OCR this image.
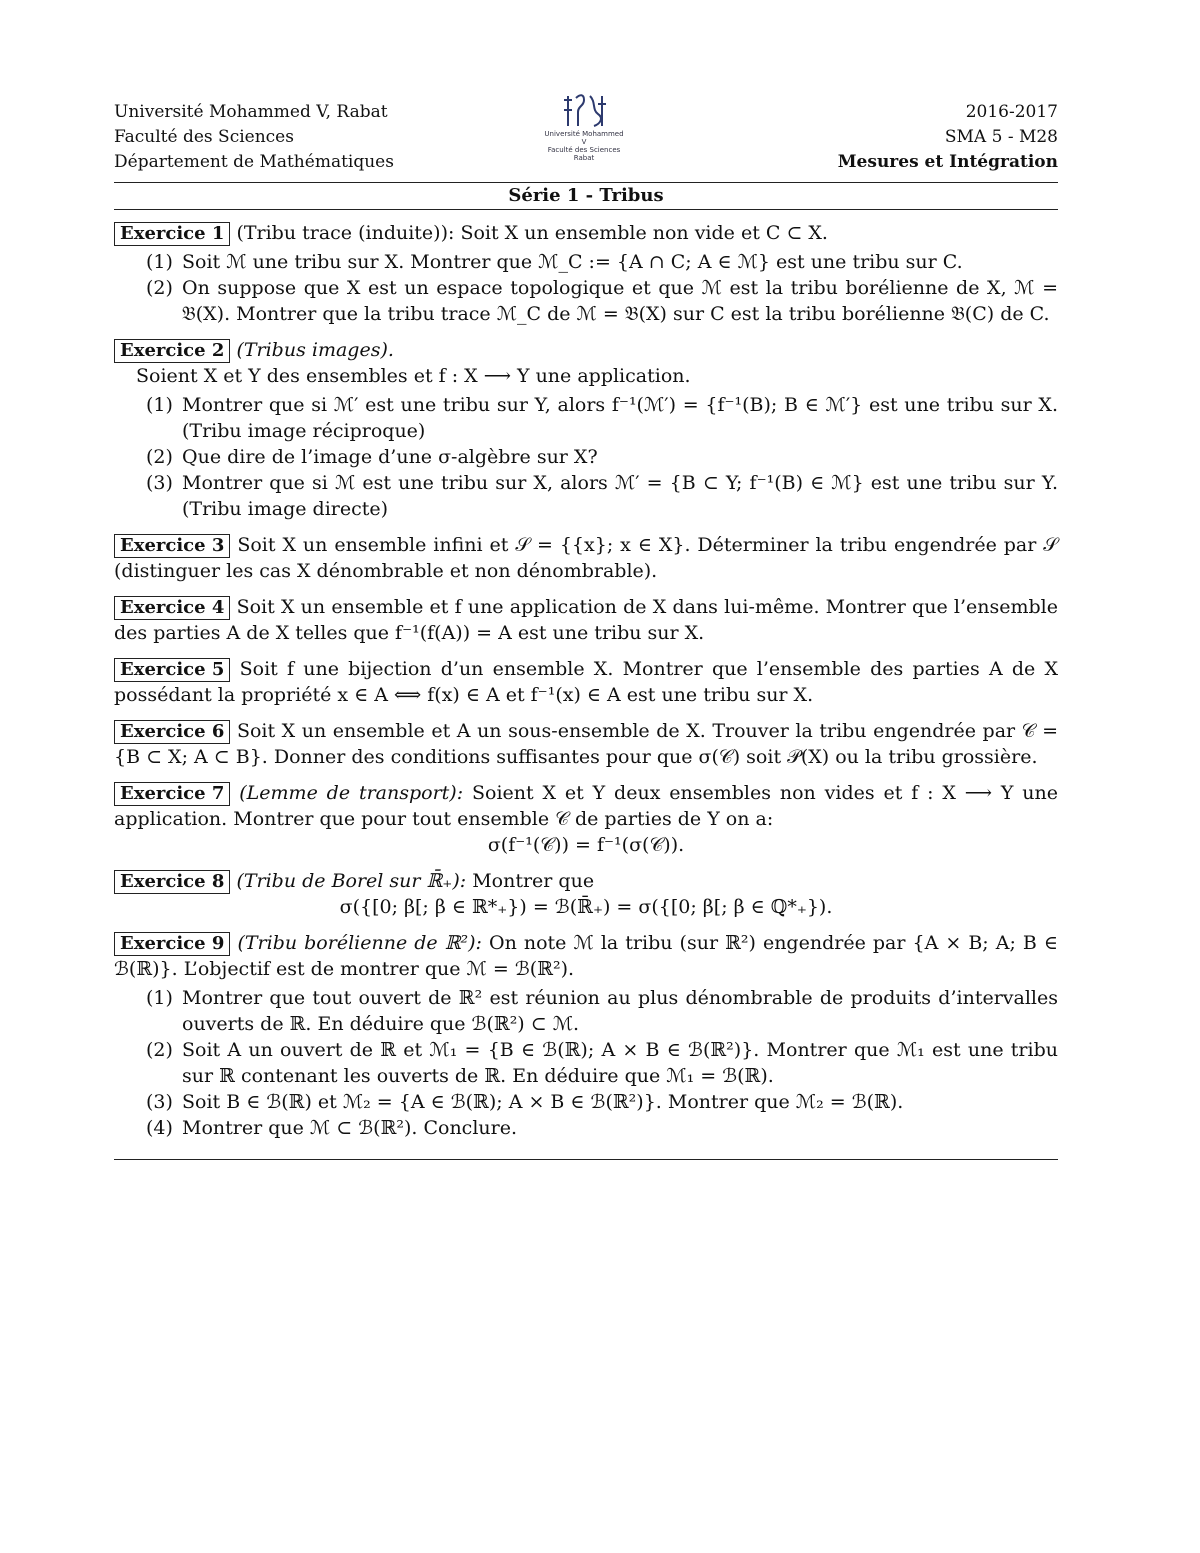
Université Mohammed V, Rabat
Faculté des Sciences
Département de Mathématiques
Université Mohammed V
Faculté des Sciences
Rabat
2016-2017
SMA 5 - M28
Mesures et Intégration
Série 1 - Tribus

Exercice 1 (Tribu trace (induite)): Soit X un ensemble non vide et C ⊂ X.

(1) Soit ℳ une tribu sur X. Montrer que ℳ_C := {A ∩ C; A ∈ ℳ} est une tribu sur C.
(2) On suppose que X est un espace topologique et que ℳ est la tribu borélienne de X, ℳ = 𝔅(X). Montrer que la tribu trace ℳ_C de ℳ = 𝔅(X) sur C est la tribu borélienne 𝔅(C) de C.

Exercice 2 (Tribus images).

Soient X et Y des ensembles et f : X ⟶ Y une application.

(1) Montrer que si ℳ′ est une tribu sur Y, alors f⁻¹(ℳ′) = {f⁻¹(B); B ∈ ℳ′} est une tribu sur X. (Tribu image réciproque)
(2) Que dire de l’image d’une σ-algèbre sur X?
(3) Montrer que si ℳ est une tribu sur X, alors ℳ′ = {B ⊂ Y; f⁻¹(B) ∈ ℳ} est une tribu sur Y. (Tribu image directe)

Exercice 3 Soit X un ensemble infini et 𝒮 = {{x}; x ∈ X}. Déterminer la tribu engendrée par 𝒮 (distinguer les cas X dénombrable et non dénombrable).

Exercice 4 Soit X un ensemble et f une application de X dans lui-même. Montrer que l’ensemble des parties A de X telles que f⁻¹(f(A)) = A est une tribu sur X.

Exercice 5 Soit f une bijection d’un ensemble X. Montrer que l’ensemble des parties A de X possédant la propriété x ∈ A ⟺ f(x) ∈ A et f⁻¹(x) ∈ A est une tribu sur X.

Exercice 6 Soit X un ensemble et A un sous-ensemble de X. Trouver la tribu engendrée par 𝒞 = {B ⊂ X; A ⊂ B}. Donner des conditions suffisantes pour que σ(𝒞) soit 𝒫(X) ou la tribu grossière.

Exercice 7 (Lemme de transport): Soient X et Y deux ensembles non vides et f : X ⟶ Y une application. Montrer que pour tout ensemble 𝒞 de parties de Y on a:

σ(f⁻¹(𝒞)) = f⁻¹(σ(𝒞)).

Exercice 8 (Tribu de Borel sur ℝ̄₊): Montrer que

σ({[0; β[; β ∈ ℝ*₊}) = ℬ(ℝ̄₊) = σ({[0; β[; β ∈ ℚ*₊}).

Exercice 9 (Tribu borélienne de ℝ²): On note ℳ la tribu (sur ℝ²) engendrée par {A × B; A; B ∈ ℬ(ℝ)}. L’objectif est de montrer que ℳ = ℬ(ℝ²).

(1) Montrer que tout ouvert de ℝ² est réunion au plus dénombrable de produits d’intervalles ouverts de ℝ. En déduire que ℬ(ℝ²) ⊂ ℳ.
(2) Soit A un ouvert de ℝ et ℳ₁ = {B ∈ ℬ(ℝ); A × B ∈ ℬ(ℝ²)}. Montrer que ℳ₁ est une tribu sur ℝ contenant les ouverts de ℝ. En déduire que ℳ₁ = ℬ(ℝ).
(3) Soit B ∈ ℬ(ℝ) et ℳ₂ = {A ∈ ℬ(ℝ); A × B ∈ ℬ(ℝ²)}. Montrer que ℳ₂ = ℬ(ℝ).
(4) Montrer que ℳ ⊂ ℬ(ℝ²). Conclure.
